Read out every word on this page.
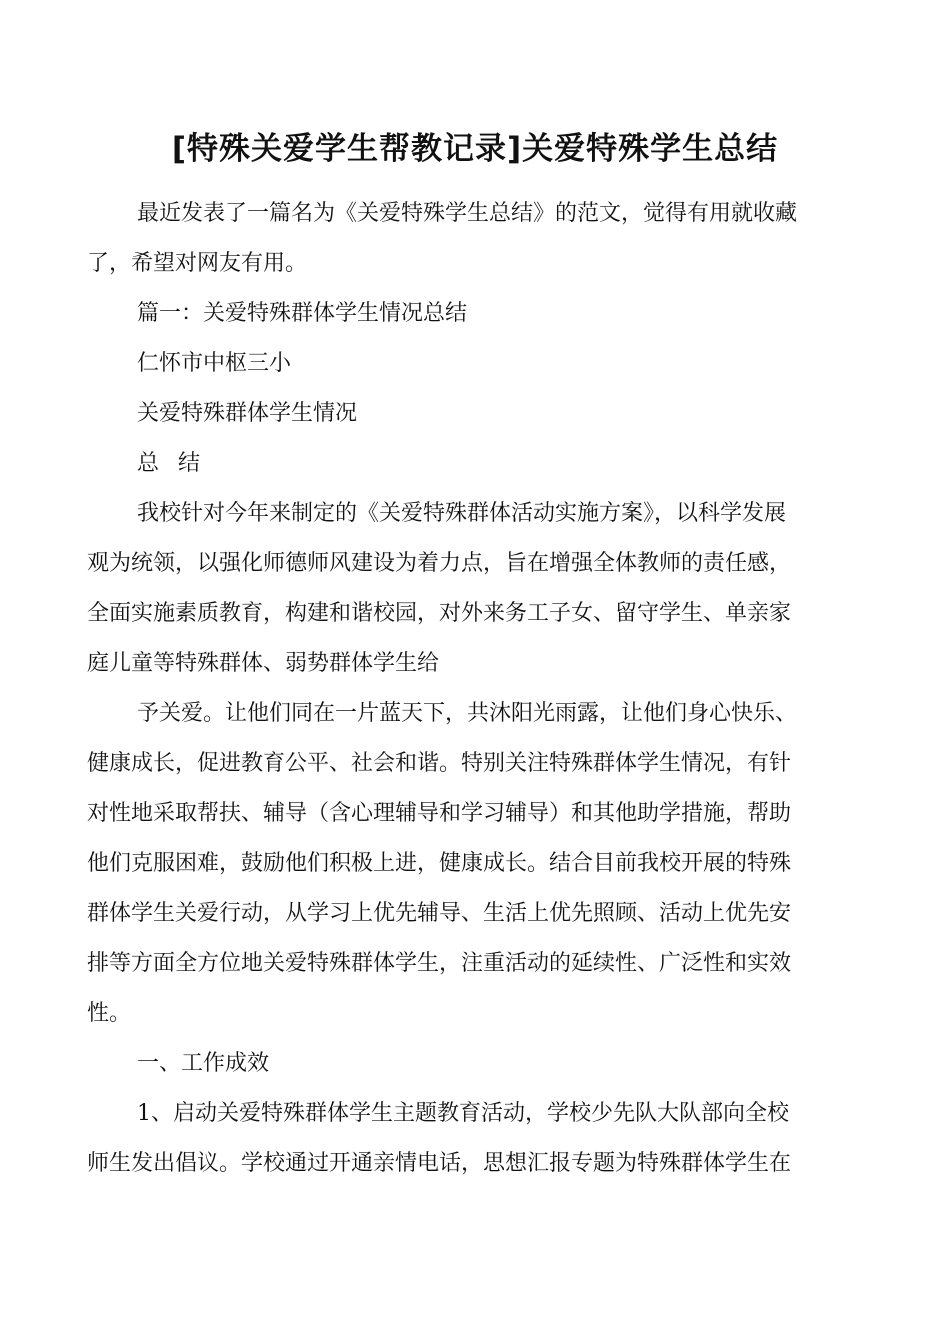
[特殊关爱学生帮教记录]关爱特殊学生总结

最近发表了一篇名为《关爱特殊学生总结》的范文，觉得有用就收藏
了，希望对网友有用。

篇一：关爱特殊群体学生情况总结

仁怀市中枢三小

关爱特殊群体学生情况

总 结

我校针对今年来制定的《关爱特殊群体活动实施方案》，以科学发展
观为统领，以强化师德师风建设为着力点，旨在增强全体教师的责任感，
全面实施素质教育，构建和谐校园，对外来务工子女、留守学生、单亲家
庭儿童等特殊群体、弱势群体学生给

予关爱。让他们同在一片蓝天下，共沐阳光雨露，让他们身心快乐、
健康成长，促进教育公平、社会和谐。特别关注特殊群体学生情况，有针
对性地采取帮扶、辅导（含心理辅导和学习辅导）和其他助学措施，帮助
他们克服困难，鼓励他们积极上进，健康成长。结合目前我校开展的特殊
群体学生关爱行动，从学习上优先辅导、生活上优先照顾、活动上优先安
排等方面全方位地关爱特殊群体学生，注重活动的延续性、广泛性和实效
性。

一、工作成效

1、启动关爱特殊群体学生主题教育活动，学校少先队大队部向全校
师生发出倡议。学校通过开通亲情电话，思想汇报专题为特殊群体学生在
